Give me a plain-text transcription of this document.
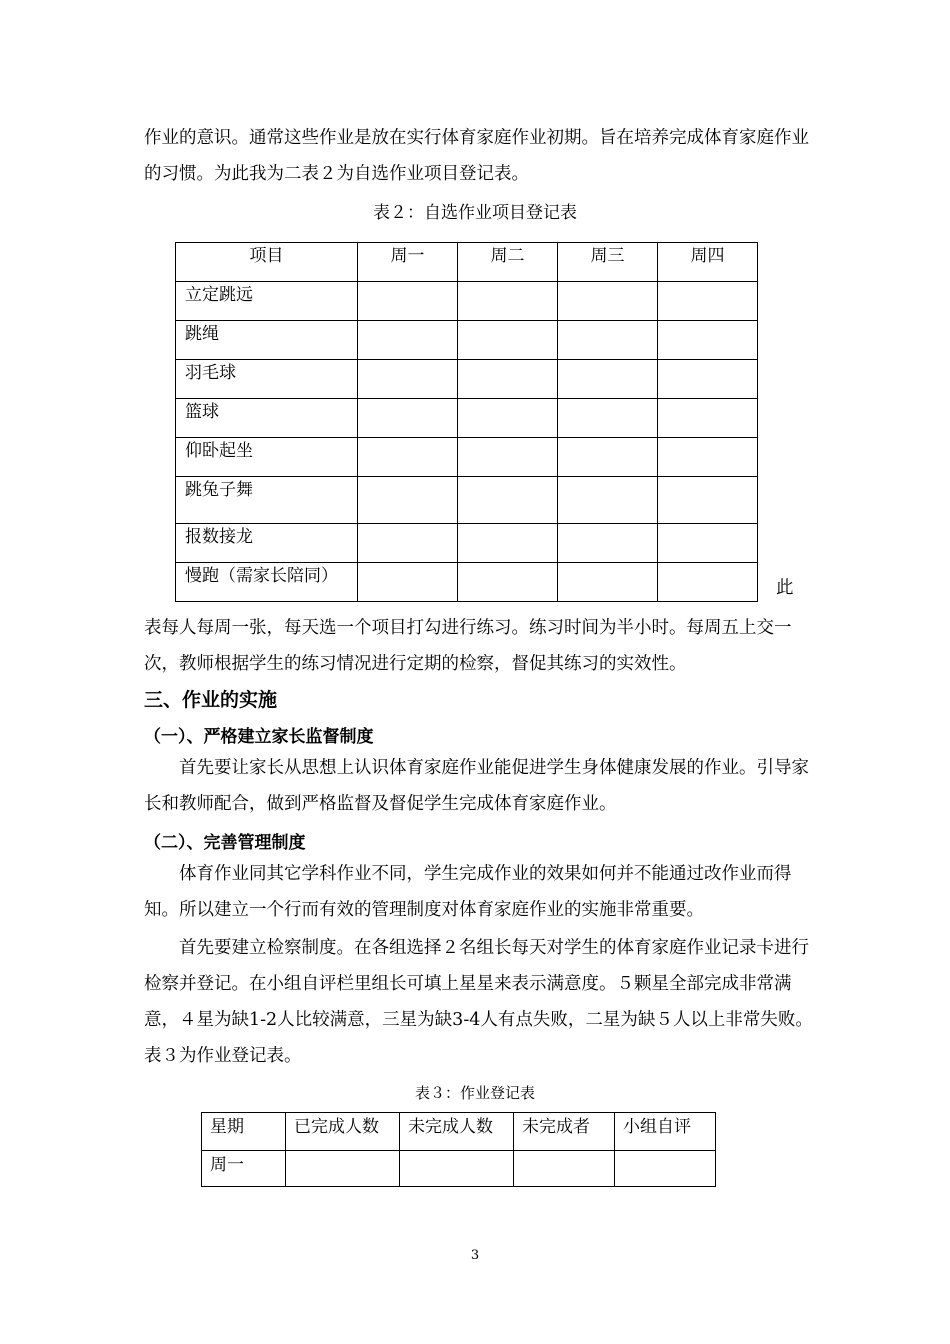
作业的意识。通常这些作业是放在实行体育家庭作业初期。旨在培养完成体育家庭作业的习惯。为此我为二表２为自选作业项目登记表。

表２：自选作业项目登记表

项目	周一	周二	周三	周四
立定跳远				
跳绳				
羽毛球				
篮球				
仰卧起坐				
跳兔子舞				
报数接龙				
慢跑（需家长陪同）				
此

表每人每周一张，每天选一个项目打勾进行练习。练习时间为半小时。每周五上交一次，教师根据学生的练习情况进行定期的检察，督促其练习的实效性。

三、作业的实施

（一）、严格建立家长监督制度

首先要让家长从思想上认识体育家庭作业能促进学生身体健康发展的作业。引导家长和教师配合，做到严格监督及督促学生完成体育家庭作业。

（二）、完善管理制度

体育作业同其它学科作业不同，学生完成作业的效果如何并不能通过改作业而得知。所以建立一个行而有效的管理制度对体育家庭作业的实施非常重要。

首先要建立检察制度。在各组选择２名组长每天对学生的体育家庭作业记录卡进行检察并登记。在小组自评栏里组长可填上星星来表示满意度。５颗星全部完成非常满意，４星为缺1-2人比较满意，三星为缺3-4人有点失败，二星为缺５人以上非常失败。表３为作业登记表。

表３：作业登记表

星期	已完成人数	未完成人数	未完成者	小组自评
周一				
3
